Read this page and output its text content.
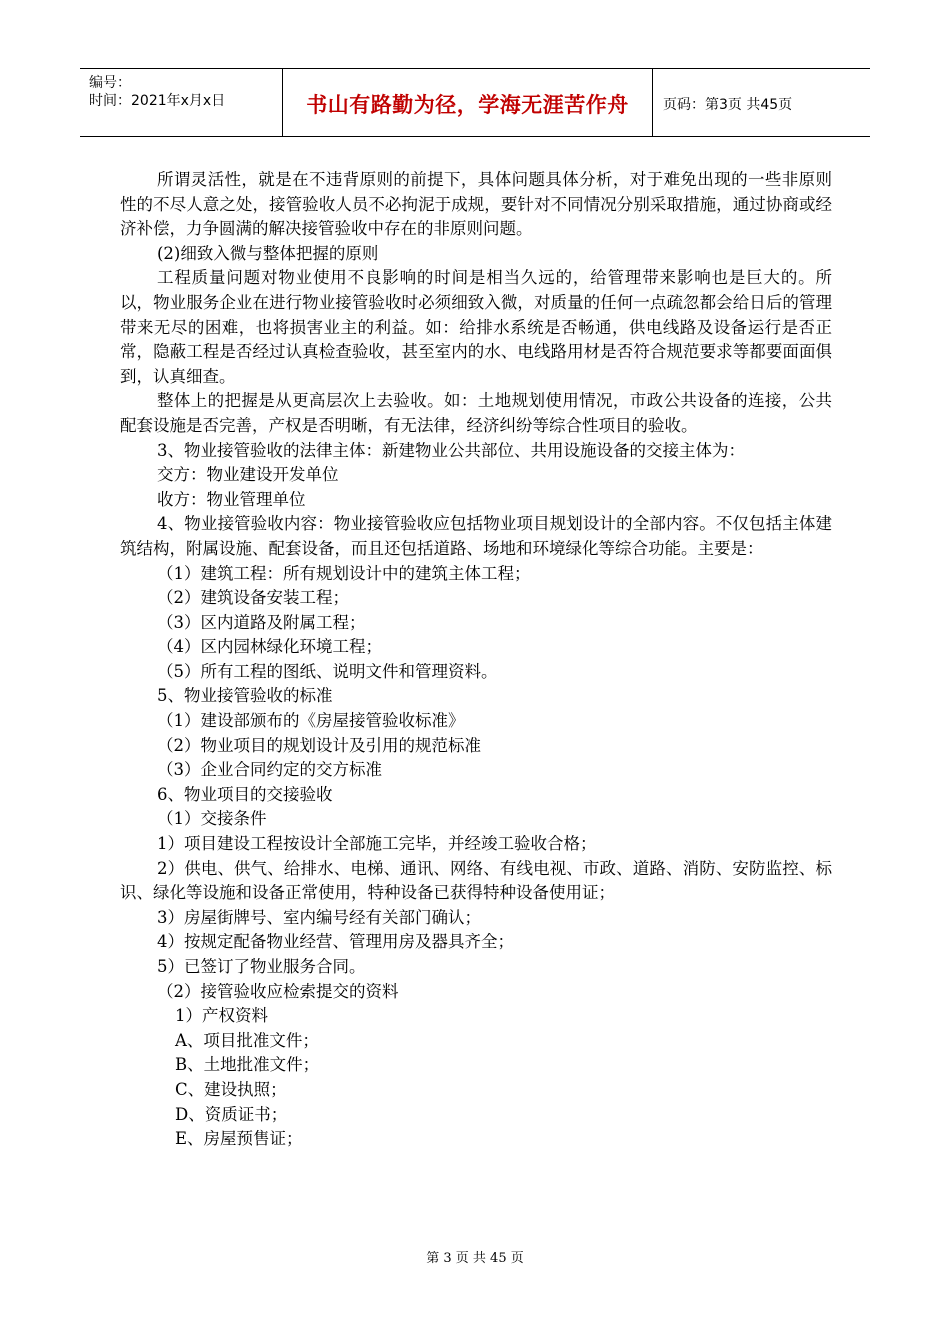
编号：
时间：2021年x月x日	书山有路勤为径，学海无涯苦作舟	页码：第3页 共45页

所谓灵活性，就是在不违背原则的前提下，具体问题具体分析，对于难免出现的一些非原则性的不尽人意之处，接管验收人员不必拘泥于成规，要针对不同情况分别采取措施，通过协商或经济补偿，力争圆满的解决接管验收中存在的非原则问题。

(2)细致入微与整体把握的原则

工程质量问题对物业使用不良影响的时间是相当久远的，给管理带来影响也是巨大的。所以，物业服务企业在进行物业接管验收时必须细致入微，对质量的任何一点疏忽都会给日后的管理带来无尽的困难，也将损害业主的利益。如：给排水系统是否畅通，供电线路及设备运行是否正常，隐蔽工程是否经过认真检查验收，甚至室内的水、电线路用材是否符合规范要求等都要面面俱到，认真细查。

整体上的把握是从更高层次上去验收。如：土地规划使用情况，市政公共设备的连接，公共配套设施是否完善，产权是否明晰，有无法律，经济纠纷等综合性项目的验收。

3、物业接管验收的法律主体：新建物业公共部位、共用设施设备的交接主体为：

交方：物业建设开发单位

收方：物业管理单位

4、物业接管验收内容：物业接管验收应包括物业项目规划设计的全部内容。不仅包括主体建筑结构，附属设施、配套设备，而且还包括道路、场地和环境绿化等综合功能。主要是：

（1）建筑工程：所有规划设计中的建筑主体工程；

（2）建筑设备安装工程；

（3）区内道路及附属工程；

（4）区内园林绿化环境工程；

（5）所有工程的图纸、说明文件和管理资料。

5、物业接管验收的标准

（1）建设部颁布的《房屋接管验收标准》

（2）物业项目的规划设计及引用的规范标准

（3）企业合同约定的交方标准

6、物业项目的交接验收

（1）交接条件

1）项目建设工程按设计全部施工完毕，并经竣工验收合格；

2）供电、供气、给排水、电梯、通讯、网络、有线电视、市政、道路、消防、安防监控、标识、绿化等设施和设备正常使用，特种设备已获得特种设备使用证；

3）房屋街牌号、室内编号经有关部门确认；

4）按规定配备物业经营、管理用房及器具齐全；

5）已签订了物业服务合同。

（2）接管验收应检索提交的资料

1）产权资料

A、项目批准文件；

B、土地批准文件；

C、建设执照；

D、资质证书；

E、房屋预售证；

第 3 页 共 45 页
